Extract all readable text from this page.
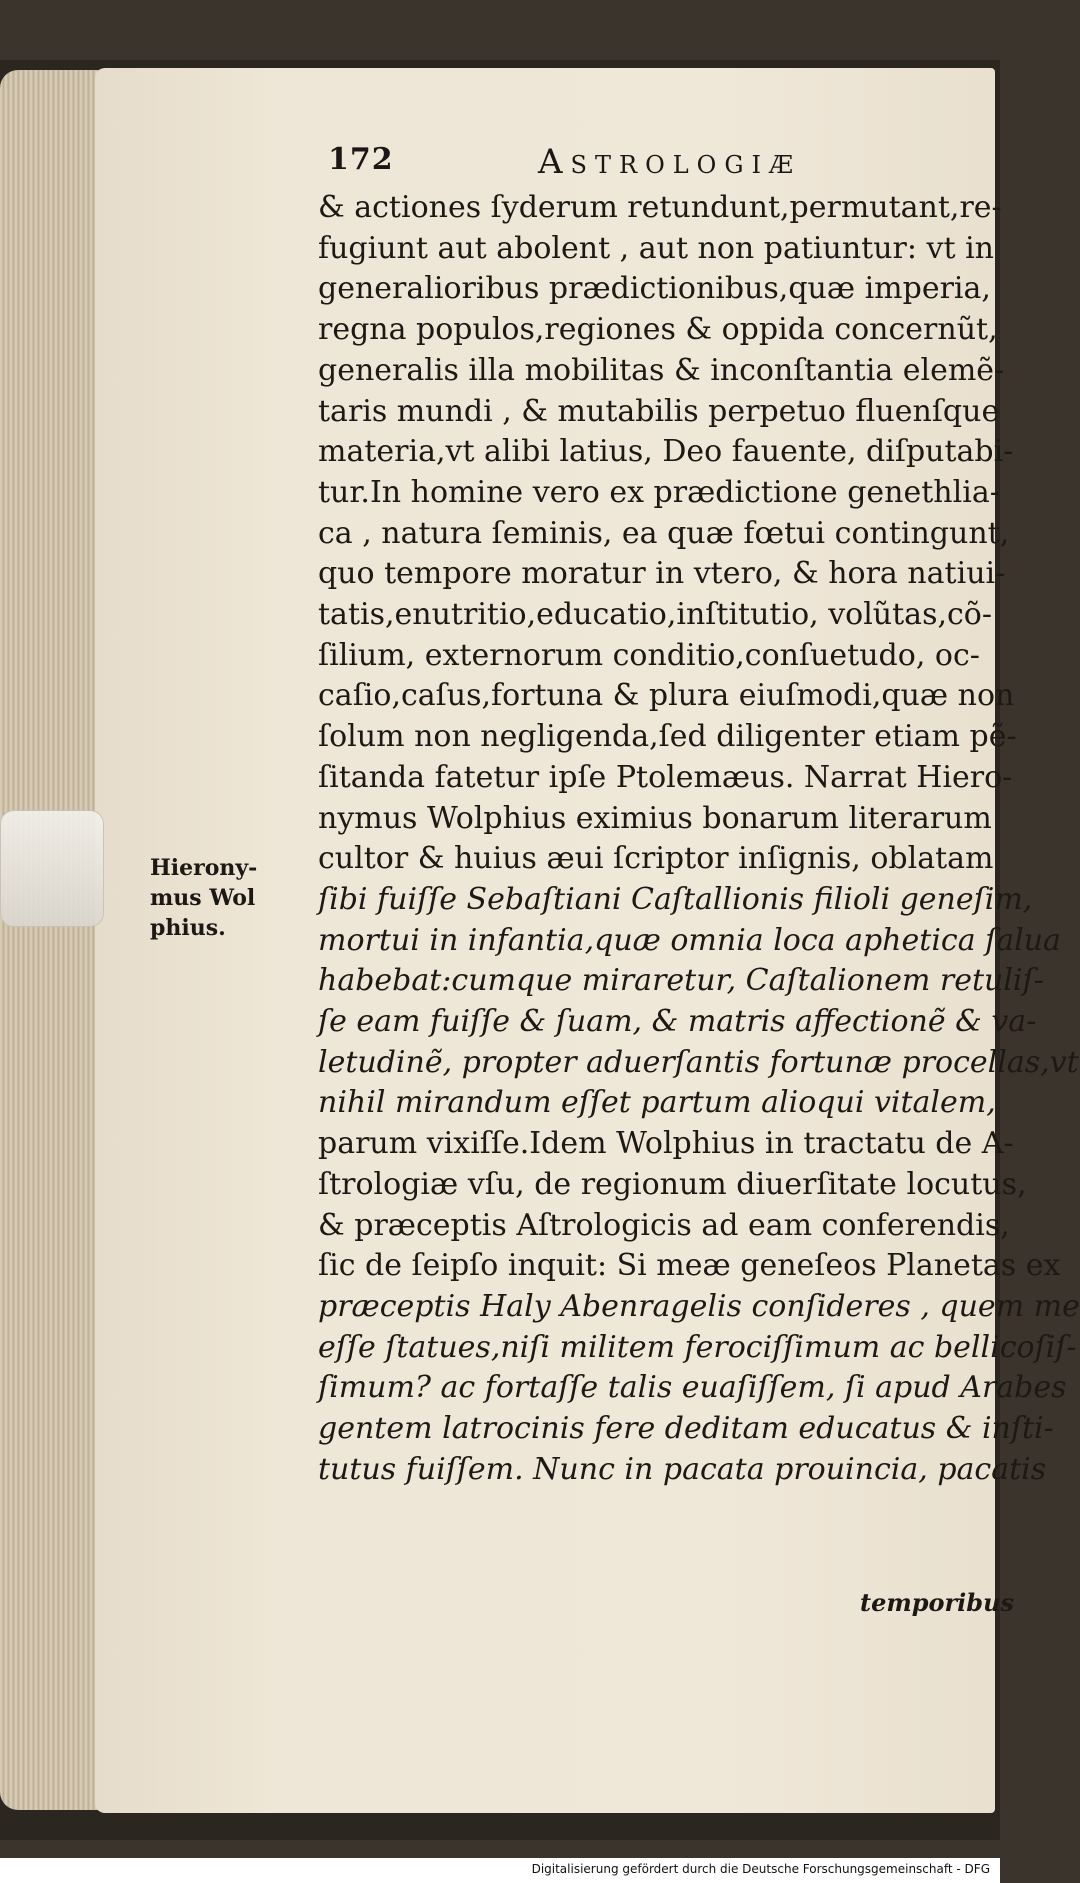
172	Astrologiæ
Hierony-
mus Wol
phius.
& actiones ſyderum retundunt,permutant,re-
fugiunt aut abolent , aut non patiuntur: vt in
generalioribus prædictionibus,quæ imperia,
regna populos,regiones & oppida concernũt,
generalis illa mobilitas & inconſtantia elemẽ-
taris mundi , & mutabilis perpetuo fluenſque
materia,vt alibi latius, Deo fauente, diſputabi-
tur.In homine vero ex prædictione genethlia-
ca , natura ſeminis, ea quæ fœtui contingunt,
quo tempore moratur in vtero, & hora natiui-
tatis,enutritio,educatio,inſtitutio, volũtas,cõ-
ſilium, externorum conditio,conſuetudo, oc-
caſio,caſus,fortuna & plura eiuſmodi,quæ non
ſolum non negligenda,ſed diligenter etiam pẽ-
ſitanda fatetur ipſe Ptolemæus. Narrat Hiero-
nymus Wolphius eximius bonarum literarum
cultor & huius æui ſcriptor inſignis, oblatam
ſibi fuiſſe Sebaſtiani Caſtallionis filioli geneſim,
mortui in infantia,quæ omnia loca aphetica ſalua
habebat:cumque miraretur, Caſtalionem retuliſ-
ſe eam fuiſſe & ſuam, & matris affectionẽ & va-
letudinẽ, propter aduerſantis fortunæ procellas,vt
nihil mirandum eſſet partum alioqui vitalem,
parum vixiſſe.Idem Wolphius in tractatu de A-
ſtrologiæ vſu, de regionum diuerſitate locutus,
& præceptis Aſtrologicis ad eam conferendis,
ſic de ſeipſo inquit: Si meæ geneſeos Planetas ex
præceptis Haly Abenragelis conſideres , quem me
eſſe ſtatues,niſi militem ferociſſimum ac bellicoſiſ-
ſimum? ac fortaſſe talis euaſiſſem, ſi apud Arabes
gentem latrocinis fere deditam educatus & inſti-
tutus fuiſſem. Nunc in pacata prouincia, pacatis
temporibus
Digitalisierung gefördert durch die Deutsche Forschungsgemeinschaft - DFG
